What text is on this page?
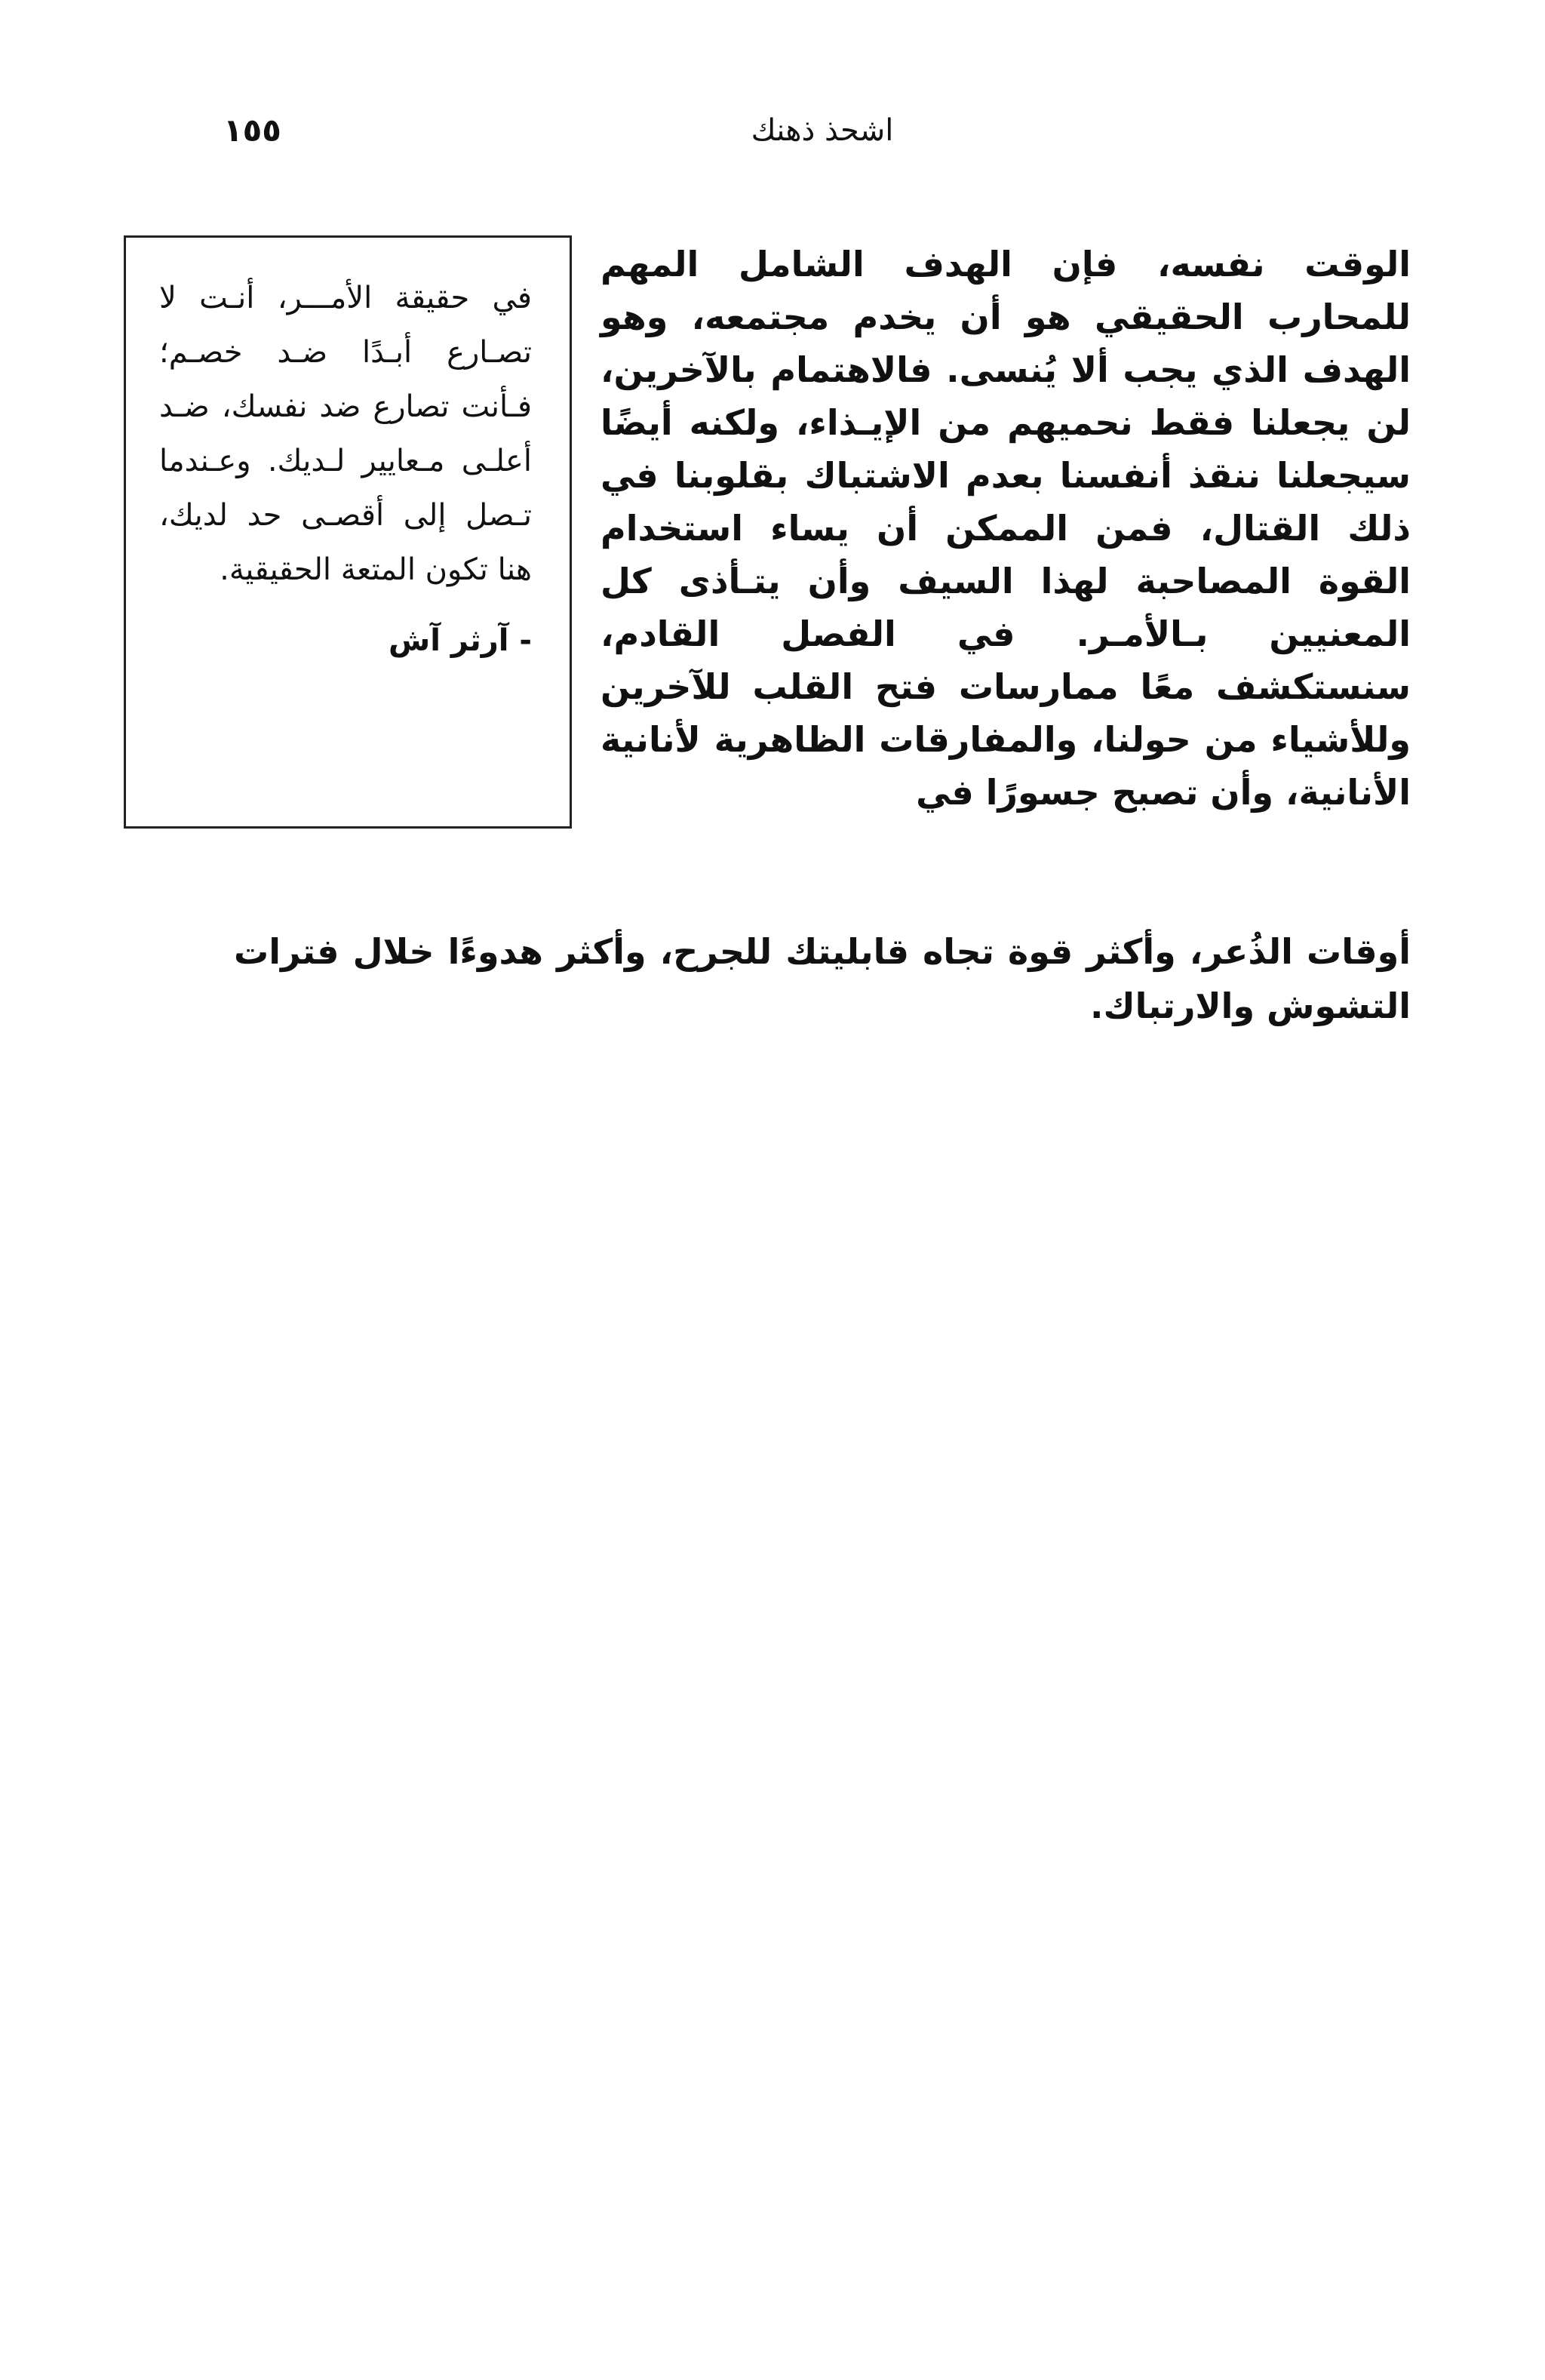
١٥٥	اشحذ ذهنك

في حقيقة الأمـــر، أنـت لا تصـارع أبـدًا ضـد خصـم؛ فـأنت تصارع ضد نفسك، ضـد أعلـى مـعايير لـديك. وعـندما تـصل إلى أقصـى حد لديك، هنا تكون المتعة الحقيقية.

- آرثر آش

الوقت نفسه، فإن الهدف الشامل المهم للمحارب الحقيقي هو أن يخدم مجتمعه، وهو الهدف الذي يجب ألا يُنسى. فالاهتمام بالآخرين، لن يجعلنا فقط نحميهم من الإيـذاء، ولكنه أيضًا سيجعلنا ننقذ أنفسنا بعدم الاشتباك بقلوبنا في ذلك القتال، فمن الممكن أن يساء استخدام القوة المصاحبة لهذا السيف وأن يتـأذى كل المعنيين بـالأمـر. في الفصل القادم، سنستكشف معًا ممارسات فتح القلب للآخرين وللأشياء من حولنا، والمفارقات الظاهرية لأنانية الأنانية، وأن تصبح جسورًا في

أوقات الذُعر، وأكثر قوة تجاه قابليتك للجرح، وأكثر هدوءًا خلال فترات التشوش والارتباك.
